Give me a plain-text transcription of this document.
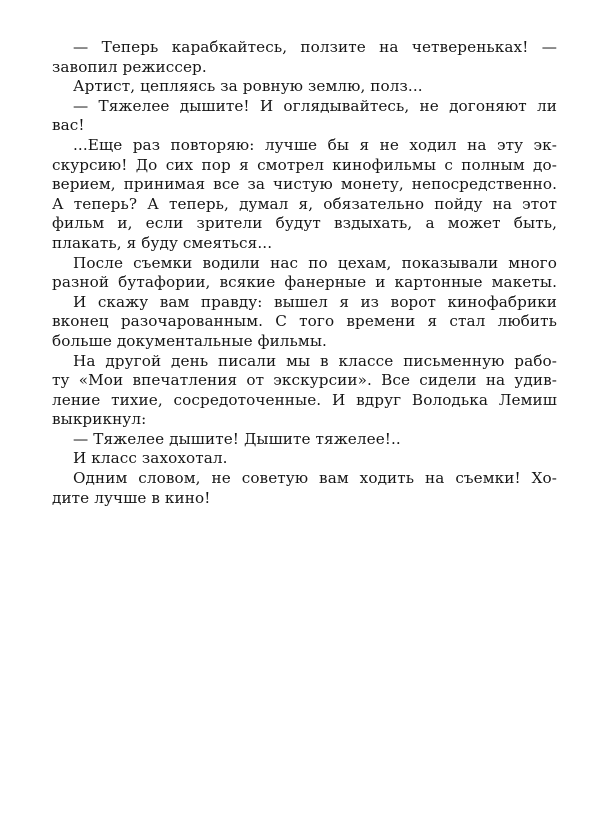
— Теперь карабкайтесь, ползите на четвереньках! —
завопил режиссер.
Артист, цепляясь за ровную землю, полз...
— Тяжелее дышите! И оглядывайтесь, не догоняют ли
вас!
...Еще раз повторяю: лучше бы я не ходил на эту эк-
скурсию! До сих пор я смотрел кинофильмы с полным до-
верием, принимая все за чистую монету, непосредственно.
А теперь? А теперь, думал я, обязательно пойду на этот
фильм и, если зрители будут вздыхать, а может быть,
плакать, я буду смеяться...
После съемки водили нас по цехам, показывали много
разной бутафории, всякие фанерные и картонные макеты.
И скажу вам правду: вышел я из ворот кинофабрики
вконец разочарованным. С того времени я стал любить
больше документальные фильмы.
На другой день писали мы в классе письменную рабо-
ту «Мои впечатления от экскурсии». Все сидели на удив-
ление тихие, сосредоточенные. И вдруг Володька Лемиш
выкрикнул:
— Тяжелее дышите! Дышите тяжелее!..
И класс захохотал.
Одним словом, не советую вам ходить на съемки! Хо-
дите лучше в кино!
